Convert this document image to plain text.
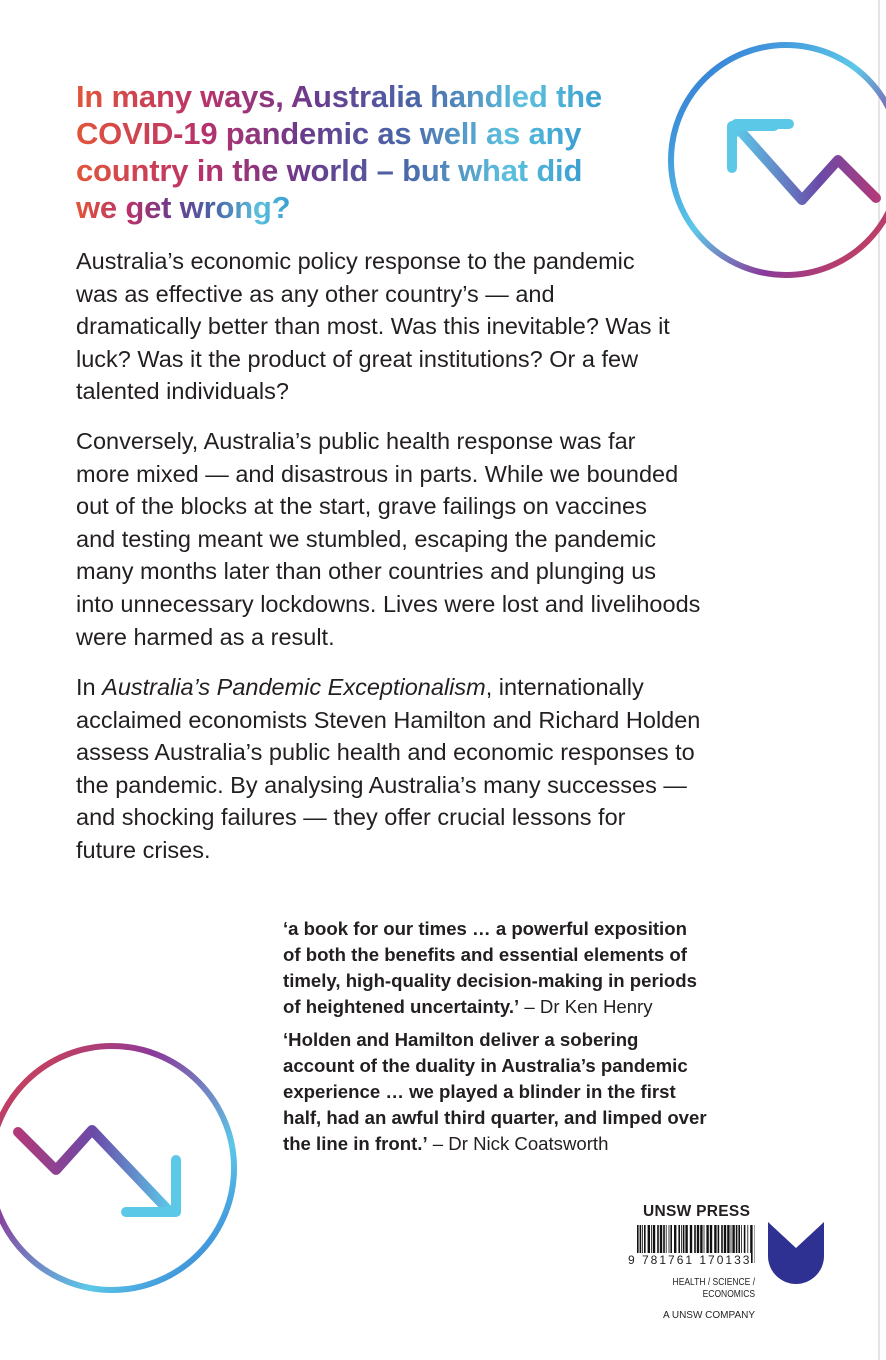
In many ways, Australia handled the
COVID-19 pandemic as well as any
country in the world – but what did
we get wrong?
Australia’s economic policy response to the pandemic
was as effective as any other country’s — and
dramatically better than most. Was this inevitable? Was it
luck? Was it the product of great institutions? Or a few
talented individuals?
Conversely, Australia’s public health response was far
more mixed — and disastrous in parts. While we bounded
out of the blocks at the start, grave failings on vaccines
and testing meant we stumbled, escaping the pandemic
many months later than other countries and plunging us
into unnecessary lockdowns. Lives were lost and livelihoods
were harmed as a result.
In Australia’s Pandemic Exceptionalism, internationally
acclaimed economists Steven Hamilton and Richard Holden
assess Australia’s public health and economic responses to
the pandemic. By analysing Australia’s many successes —
and shocking failures — they offer crucial lessons for
future crises.
‘a book for our times … a powerful exposition
of both the benefits and essential elements of
timely, high-quality decision-making in periods
of heightened uncertainty.’ – Dr Ken Henry
‘Holden and Hamilton deliver a sobering
account of the duality in Australia’s pandemic
experience … we played a blinder in the first
half, had an awful third quarter, and limped over
the line in front.’ – Dr Nick Coatsworth
UNSW PRESS
9 781761 170133
HEALTH / SCIENCE /
ECONOMICS
A UNSW COMPANY
